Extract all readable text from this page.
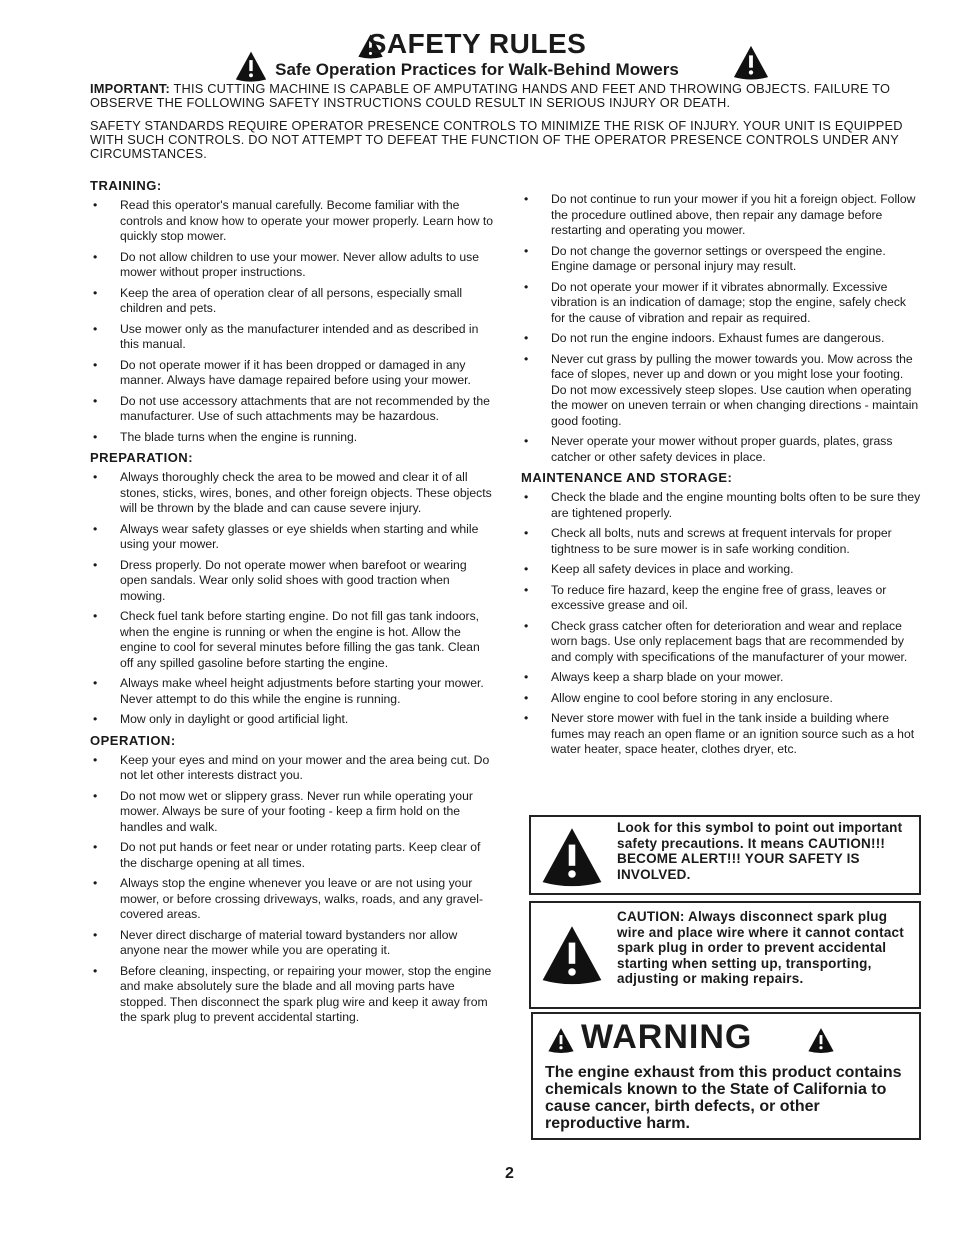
SAFETY RULES
Safe Operation Practices for Walk-Behind Mowers
IMPORTANT: THIS CUTTING MACHINE IS CAPABLE OF AMPUTATING HANDS AND FEET AND THROWING OBJECTS. FAILURE TO OBSERVE THE FOLLOWING SAFETY INSTRUCTIONS COULD RESULT IN SERIOUS INJURY OR DEATH.
SAFETY STANDARDS REQUIRE OPERATOR PRESENCE CONTROLS TO MINIMIZE THE RISK OF INJURY. YOUR UNIT IS EQUIPPED WITH SUCH CONTROLS. DO NOT ATTEMPT TO DEFEAT THE FUNCTION OF THE OPERATOR PRESENCE CONTROLS UNDER ANY CIRCUMSTANCES.
TRAINING:
• Read this operator's manual carefully. Become familiar with the controls and know how to operate your mower properly. Learn how to quickly stop mower.
• Do not allow children to use your mower. Never allow adults to use mower without proper instructions.
• Keep the area of operation clear of all persons, especially small children and pets.
• Use mower only as the manufacturer intended and as described in this manual.
• Do not operate mower if it has been dropped or damaged in any manner. Always have damage repaired before using your mower.
• Do not use accessory attachments that are not recommended by the manufacturer. Use of such attachments may be hazardous.
• The blade turns when the engine is running.
PREPARATION:
• Always thoroughly check the area to be mowed and clear it of all stones, sticks, wires, bones, and other foreign objects. These objects will be thrown by the blade and can cause severe injury.
• Always wear safety glasses or eye shields when starting and while using your mower.
• Dress properly. Do not operate mower when barefoot or wearing open sandals. Wear only solid shoes with good traction when mowing.
• Check fuel tank before starting engine. Do not fill gas tank indoors, when the engine is running or when the engine is hot. Allow the engine to cool for several minutes before filling the gas tank. Clean off any spilled gasoline before starting the engine.
• Always make wheel height adjustments before starting your mower. Never attempt to do this while the engine is running.
• Mow only in daylight or good artificial light.
OPERATION:
• Keep your eyes and mind on your mower and the area being cut. Do not let other interests distract you.
• Do not mow wet or slippery grass. Never run while operating your mower. Always be sure of your footing - keep a firm hold on the handles and walk.
• Do not put hands or feet near or under rotating parts. Keep clear of the discharge opening at all times.
• Always stop the engine whenever you leave or are not using your mower, or before crossing driveways, walks, roads, and any gravel-covered areas.
• Never direct discharge of material toward bystanders nor allow anyone near the mower while you are operating it.
• Before cleaning, inspecting, or repairing your mower, stop the engine and make absolutely sure the blade and all moving parts have stopped. Then disconnect the spark plug wire and keep it away from the spark plug to prevent accidental starting.
• Do not continue to run your mower if you hit a foreign object. Follow the procedure outlined above, then repair any damage before restarting and operating you mower.
• Do not change the governor settings or overspeed the engine. Engine damage or personal injury may result.
• Do not operate your mower if it vibrates abnormally. Excessive vibration is an indication of damage; stop the engine, safely check for the cause of vibration and repair as required.
• Do not run the engine indoors. Exhaust fumes are dangerous.
• Never cut grass by pulling the mower towards you. Mow across the face of slopes, never up and down or you might lose your footing. Do not mow excessively steep slopes. Use caution when operating the mower on uneven terrain or when changing directions - maintain good footing.
• Never operate your mower without proper guards, plates, grass catcher or other safety devices in place.
MAINTENANCE AND STORAGE:
• Check the blade and the engine mounting bolts often to be sure they are tightened properly.
• Check all bolts, nuts and screws at frequent intervals for proper tightness to be sure mower is in safe working condition.
• Keep all safety devices in place and working.
• To reduce fire hazard, keep the engine free of grass, leaves or excessive grease and oil.
• Check grass catcher often for deterioration and wear and replace worn bags. Use only replacement bags that are recommended by and comply with specifications of the manufacturer of your mower.
• Always keep a sharp blade on your mower.
• Allow engine to cool before storing in any enclosure.
• Never store mower with fuel in the tank inside a building where fumes may reach an open flame or an ignition source such as a hot water heater, space heater, clothes dryer, etc.
Look for this symbol to point out important safety precautions. It means CAUTION!!! BECOME ALERT!!! YOUR SAFETY IS INVOLVED.
CAUTION: Always disconnect spark plug wire and place wire where it cannot contact spark plug in order to prevent accidental starting when setting up, transporting, adjusting or making repairs.
WARNING
The engine exhaust from this product contains chemicals known to the State of California to cause cancer, birth defects, or other reproductive harm.
2
